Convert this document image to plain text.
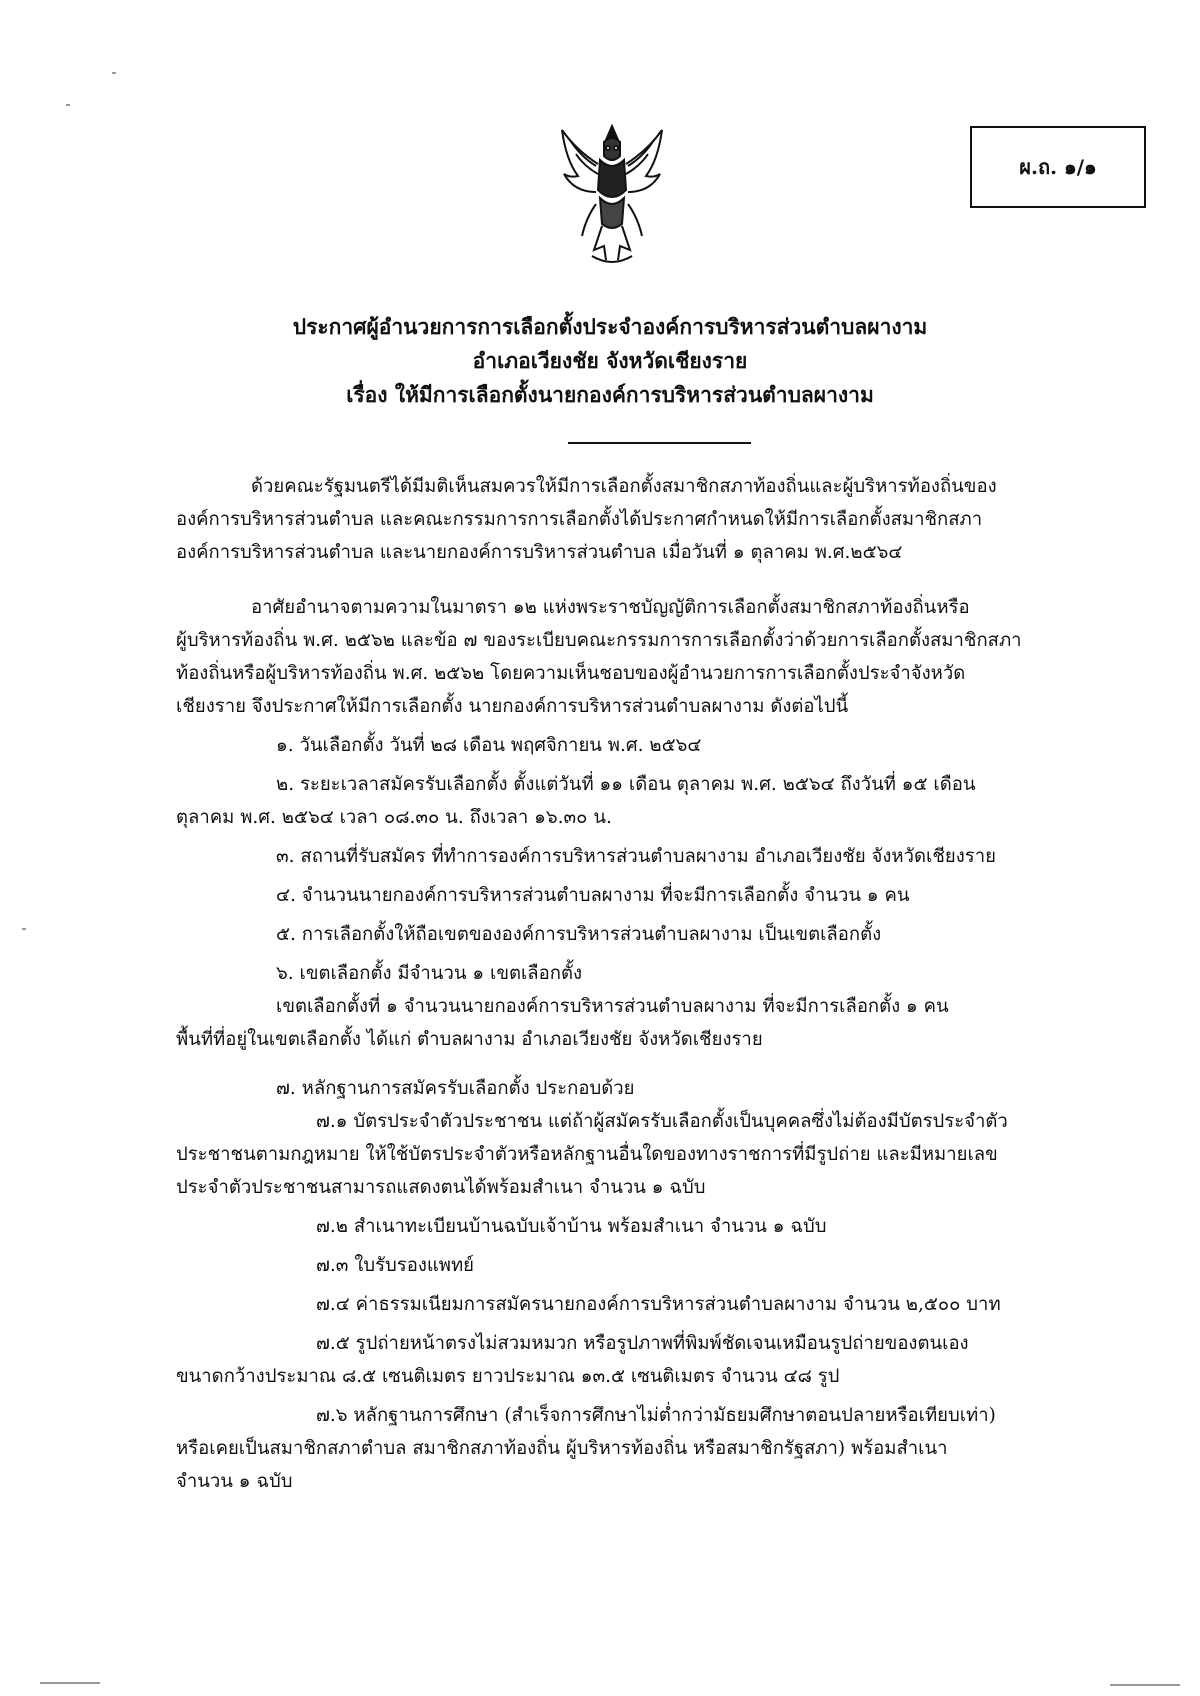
ผ.ถ. ๑/๑
ประกาศผู้อำนวยการการเลือกตั้งประจำองค์การบริหารส่วนตำบลผางาม
อำเภอเวียงชัย จังหวัดเชียงราย
เรื่อง ให้มีการเลือกตั้งนายกองค์การบริหารส่วนตำบลผางาม

ด้วยคณะรัฐมนตรีได้มีมติเห็นสมควรให้มีการเลือกตั้งสมาชิกสภาท้องถิ่นและผู้บริหารท้องถิ่นของ

องค์การบริหารส่วนตำบล และคณะกรรมการการเลือกตั้งได้ประกาศกำหนดให้มีการเลือกตั้งสมาชิกสภา

องค์การบริหารส่วนตำบล และนายกองค์การบริหารส่วนตำบล เมื่อวันที่ ๑ ตุลาคม พ.ศ.๒๕๖๔

อาศัยอำนาจตามความในมาตรา ๑๒ แห่งพระราชบัญญัติการเลือกตั้งสมาชิกสภาท้องถิ่นหรือ

ผู้บริหารท้องถิ่น พ.ศ. ๒๕๖๒ และข้อ ๗ ของระเบียบคณะกรรมการการเลือกตั้งว่าด้วยการเลือกตั้งสมาชิกสภา

ท้องถิ่นหรือผู้บริหารท้องถิ่น พ.ศ. ๒๕๖๒ โดยความเห็นชอบของผู้อำนวยการการเลือกตั้งประจำจังหวัด

เชียงราย จึงประกาศให้มีการเลือกตั้ง นายกองค์การบริหารส่วนตำบลผางาม ดังต่อไปนี้

๑. วันเลือกตั้ง วันที่ ๒๘ เดือน พฤศจิกายน พ.ศ. ๒๕๖๔

๒. ระยะเวลาสมัครรับเลือกตั้ง ตั้งแต่วันที่ ๑๑ เดือน ตุลาคม พ.ศ. ๒๕๖๔ ถึงวันที่ ๑๕ เดือน

ตุลาคม พ.ศ. ๒๕๖๔ เวลา ๐๘.๓๐ น. ถึงเวลา ๑๖.๓๐ น.

๓. สถานที่รับสมัคร ที่ทำการองค์การบริหารส่วนตำบลผางาม อำเภอเวียงชัย จังหวัดเชียงราย

๔. จำนวนนายกองค์การบริหารส่วนตำบลผางาม ที่จะมีการเลือกตั้ง จำนวน ๑ คน

๕. การเลือกตั้งให้ถือเขตขององค์การบริหารส่วนตำบลผางาม เป็นเขตเลือกตั้ง

๖. เขตเลือกตั้ง มีจำนวน ๑ เขตเลือกตั้ง

เขตเลือกตั้งที่ ๑ จำนวนนายกองค์การบริหารส่วนตำบลผางาม ที่จะมีการเลือกตั้ง ๑ คน

พื้นที่ที่อยู่ในเขตเลือกตั้ง ได้แก่ ตำบลผางาม อำเภอเวียงชัย จังหวัดเชียงราย

๗. หลักฐานการสมัครรับเลือกตั้ง ประกอบด้วย

๗.๑ บัตรประจำตัวประชาชน แต่ถ้าผู้สมัครรับเลือกตั้งเป็นบุคคลซึ่งไม่ต้องมีบัตรประจำตัว

ประชาชนตามกฎหมาย ให้ใช้บัตรประจำตัวหรือหลักฐานอื่นใดของทางราชการที่มีรูปถ่าย และมีหมายเลข

ประจำตัวประชาชนสามารถแสดงตนได้พร้อมสำเนา จำนวน ๑ ฉบับ

๗.๒ สำเนาทะเบียนบ้านฉบับเจ้าบ้าน พร้อมสำเนา จำนวน ๑ ฉบับ

๗.๓ ใบรับรองแพทย์

๗.๔ ค่าธรรมเนียมการสมัครนายกองค์การบริหารส่วนตำบลผางาม จำนวน ๒,๕๐๐ บาท

๗.๕ รูปถ่ายหน้าตรงไม่สวมหมวก หรือรูปภาพที่พิมพ์ชัดเจนเหมือนรูปถ่ายของตนเอง

ขนาดกว้างประมาณ ๘.๕ เซนติเมตร ยาวประมาณ ๑๓.๕ เซนติเมตร จำนวน ๔๘ รูป

๗.๖ หลักฐานการศึกษา (สำเร็จการศึกษาไม่ต่ำกว่ามัธยมศึกษาตอนปลายหรือเทียบเท่า)

หรือเคยเป็นสมาชิกสภาตำบล สมาชิกสภาท้องถิ่น ผู้บริหารท้องถิ่น หรือสมาชิกรัฐสภา) พร้อมสำเนา

จำนวน ๑ ฉบับ
